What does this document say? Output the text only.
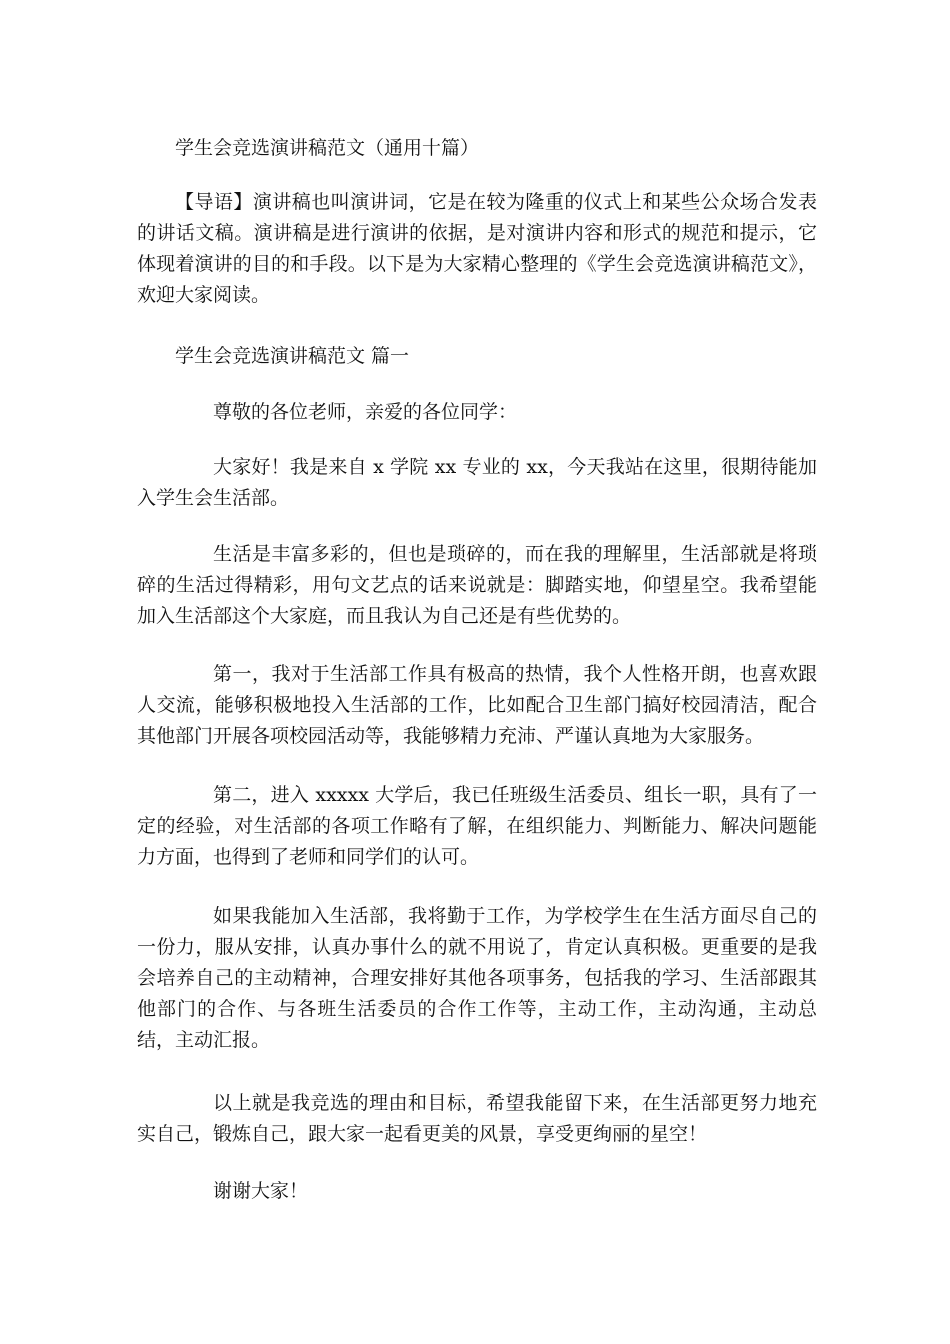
学生会竞选演讲稿范文（通用十篇）

【导语】演讲稿也叫演讲词，它是在较为隆重的仪式上和某些公众场合发表的讲话文稿。演讲稿是进行演讲的依据，是对演讲内容和形式的规范和提示，它体现着演讲的目的和手段。以下是为大家精心整理的《学生会竞选演讲稿范文》，欢迎大家阅读。

学生会竞选演讲稿范文 篇一

尊敬的各位老师，亲爱的各位同学：

大家好！我是来自 x 学院 xx 专业的 xx，今天我站在这里，很期待能加入学生会生活部。

生活是丰富多彩的，但也是琐碎的，而在我的理解里，生活部就是将琐碎的生活过得精彩，用句文艺点的话来说就是：脚踏实地，仰望星空。我希望能加入生活部这个大家庭，而且我认为自己还是有些优势的。

第一，我对于生活部工作具有极高的热情，我个人性格开朗，也喜欢跟人交流，能够积极地投入生活部的工作，比如配合卫生部门搞好校园清洁，配合其他部门开展各项校园活动等，我能够精力充沛、严谨认真地为大家服务。

第二，进入 xxxxx 大学后，我已任班级生活委员、组长一职，具有了一定的经验，对生活部的各项工作略有了解，在组织能力、判断能力、解决问题能力方面，也得到了老师和同学们的认可。

如果我能加入生活部，我将勤于工作，为学校学生在生活方面尽自己的一份力，服从安排，认真办事什么的就不用说了，肯定认真积极。更重要的是我会培养自己的主动精神，合理安排好其他各项事务，包括我的学习、生活部跟其他部门的合作、与各班生活委员的合作工作等，主动工作，主动沟通，主动总结，主动汇报。

以上就是我竞选的理由和目标，希望我能留下来，在生活部更努力地充实自己，锻炼自己，跟大家一起看更美的风景，享受更绚丽的星空！

谢谢大家！
